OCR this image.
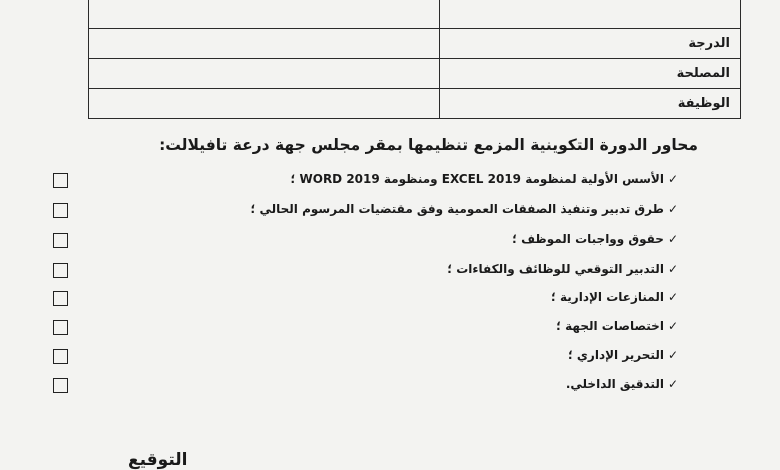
الدرجة	
المصلحة	
الوظيفة	
محاور الدورة التكوينية المزمع تنظيمها بمقر مجلس جهة درعة تافيلالت:
✓الأسس الأولية لمنظومة EXCEL 2019 ومنظومة WORD 2019 ؛
✓طرق تدبير وتنفيذ الصفقات العمومية وفق مقتضيات المرسوم الحالي ؛
✓حقوق وواجبات الموظف ؛
✓التدبير التوقعي للوظائف والكفاءات ؛
✓المنازعات الإدارية ؛
✓اختصاصات الجهة ؛
✓التحرير الإداري ؛
✓التدقيق الداخلي.
التوقيع
